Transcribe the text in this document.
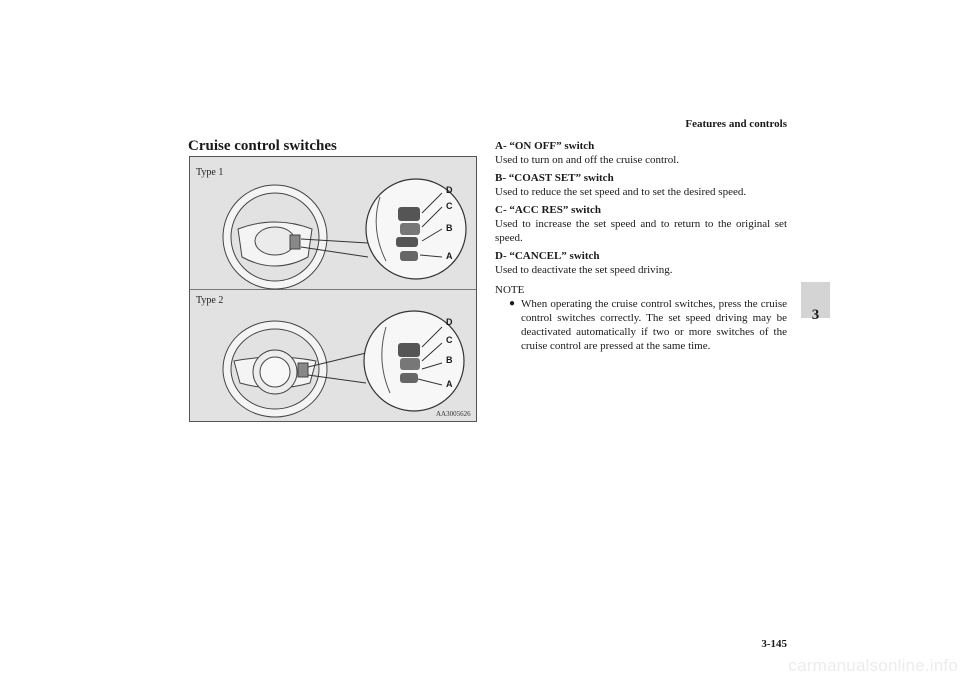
Features and controls
3
Cruise control switches
Type 1
Type 2
D
C
B
A
D
C
B
A
AA3005626
A- “ON OFF” switch
Used to turn on and off the cruise control.
B- “COAST SET” switch
Used to reduce the set speed and to set the desired speed.
C- “ACC RES” switch
Used to increase the set speed and to return to the original set speed.
D- “CANCEL” switch
Used to deactivate the set speed driving.
NOTE
● When operating the cruise control switches, press the cruise control switches correctly. The set speed driving may be deactivated automatically if two or more switches of the cruise control are pressed at the same time.
3-145
carmanualsonline.info
